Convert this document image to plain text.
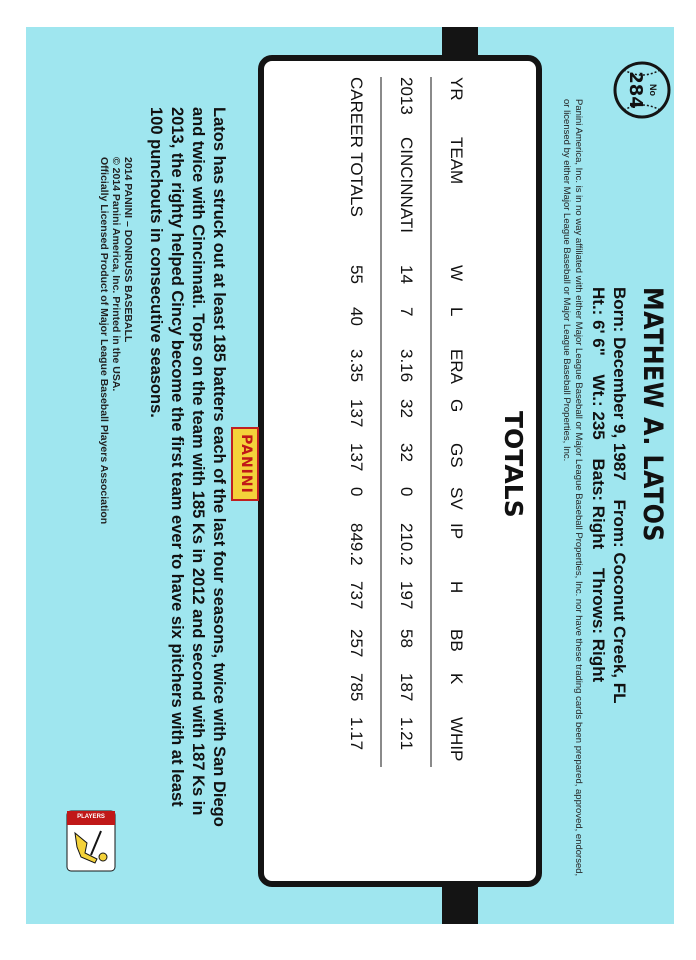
No
284
MATHEW A. LATOS
Born: December 9, 1987 From: Coconut Creek, FL
Ht.: 6' 6" Wt.: 235 Bats: Right Throws: Right
Panini America, Inc. is in no way affiliated with either Major League Baseball or Major League Baseball Properties, Inc. nor have these trading cards been prepared, approved, endorsed, or licensed by either Major League Baseball or Major League Baseball Properties, Inc.
TOTALS
YR	TEAM	W	L	ERA	G	GS	SV	IP	H	BB	K	WHIP
2013	CINCINNATI	14	7	3.16	32	32	0	210.2	197	58	187	1.21
CAREER TOTALS		55	40	3.35	137	137	0	849.2	737	257	785	1.17
PANINI
Latos has struck out at least 185 batters each of the last four seasons, twice with San Diego and twice with Cincinnati. Tops on the team with 185 Ks in 2012 and second with 187 Ks in 2013, the righty helped Cincy become the first team ever to have six pitchers with at least 100 punchouts in consecutive seasons.
2014 PANINI – DONRUSS BASEBALL
© 2014 Panini America, Inc. Printed in the USA.
Officially Licensed Product of Major League Baseball Players Association
PLAYERS
